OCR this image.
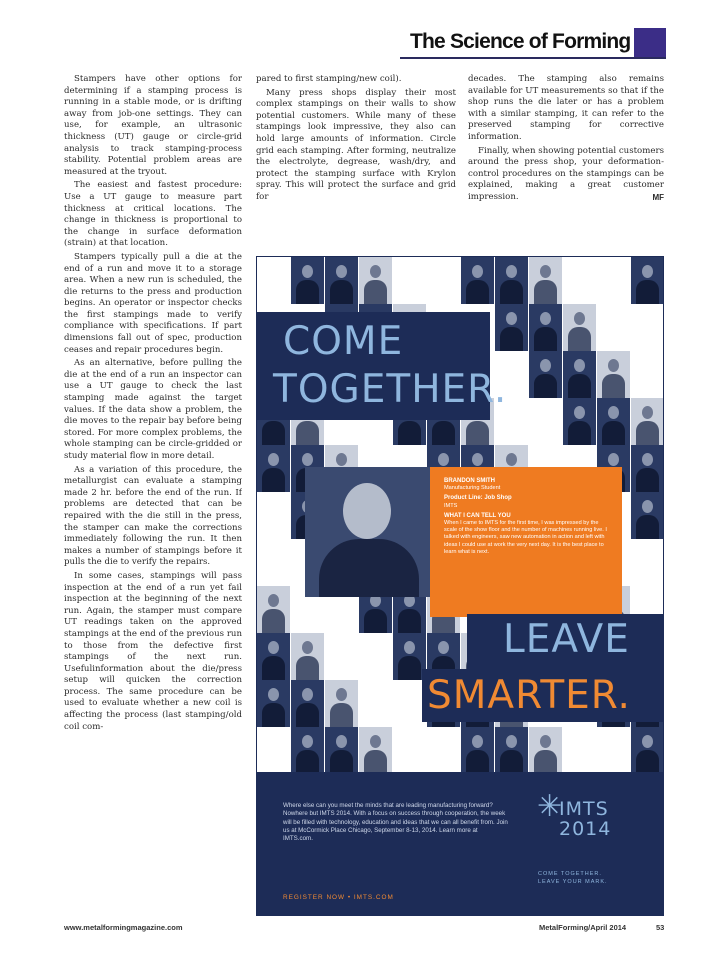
The Science of Forming

Stampers have other options for determining if a stamping process is running in a stable mode, or is drifting away from job-one settings. They can use, for example, an ultrasonic thickness (UT) gauge or circle-grid analysis to track stamping-process stability. Potential problem areas are measured at the tryout.

The easiest and fastest procedure: Use a UT gauge to measure part thickness at critical locations. The change in thickness is proportional to the change in surface deformation (strain) at that location.

Stampers typically pull a die at the end of a run and move it to a storage area. When a new run is scheduled, the die returns to the press and production begins. An operator or inspector checks the first stampings made to verify compliance with specifications. If part dimensions fall out of spec, production ceases and repair procedures begin.

As an alternative, before pulling the die at the end of a run an inspector can use a UT gauge to check the last stamping made against the target values. If the data show a problem, the die moves to the repair bay before being stored. For more complex problems, the whole stamping can be circle-gridded or study material flow in more detail.

As a variation of this procedure, the metallurgist can evaluate a stamping made 2 hr. before the end of the run. If problems are detected that can be repaired with the die still in the press, the stamper can make the corrections immediately following the run. It then makes a number of stampings before it pulls the die to verify the repairs.

In some cases, stampings will pass inspection at the end of a run yet fail inspection at the beginning of the next run. Again, the stamper must compare UT readings taken on the approved stampings at the end of the previous run to those from the defective first stampings of the next run. Usefulinformation about the die/press setup will quicken the correction process. The same procedure can be used to evaluate whether a new coil is affecting the process (last stamping/old coil com-

pared to first stamping/new coil).

Many press shops display their most complex stampings on their walls to show potential customers. While many of these stampings look impressive, they also can hold large amounts of information. Circle grid each stamping. After forming, neutralize the electrolyte, degrease, wash/dry, and protect the stamping surface with Krylon spray. This will protect the surface and grid for

decades. The stamping also remains available for UT measurements so that if the shop runs the die later or has a problem with a similar stamping, it can refer to the preserved stamping for corrective information.

Finally, when showing potential customers around the press shop, your deformation-control procedures on the stampings can be explained, making a great customer impression.	MF

COME
TOGETHER.
BRANDON SMITH
Manufacturing Student
Product Line: Job Shop
IMTS
WHAT I CAN TELL YOU
When I came to IMTS for the first time, I was impressed by the scale of the show floor and the number of machines running live. I talked with engineers, saw new automation in action and left with ideas I could use at work the very next day. It is the best place to learn what is next.
LEAVE
SMARTER.
Where else can you meet the minds that are leading manufacturing forward? Nowhere but IMTS 2014. With a focus on success through cooperation, the week will be filled with technology, education and ideas that we can all benefit from. Join us at McCormick Place Chicago, September 8-13, 2014. Learn more at IMTS.com.
REGISTER NOW • IMTS.COM
✳
IMTS
2014
COME TOGETHER.
LEAVE YOUR MARK.
www.metalformingmagazine.com	MetalForming/April 2014	53
